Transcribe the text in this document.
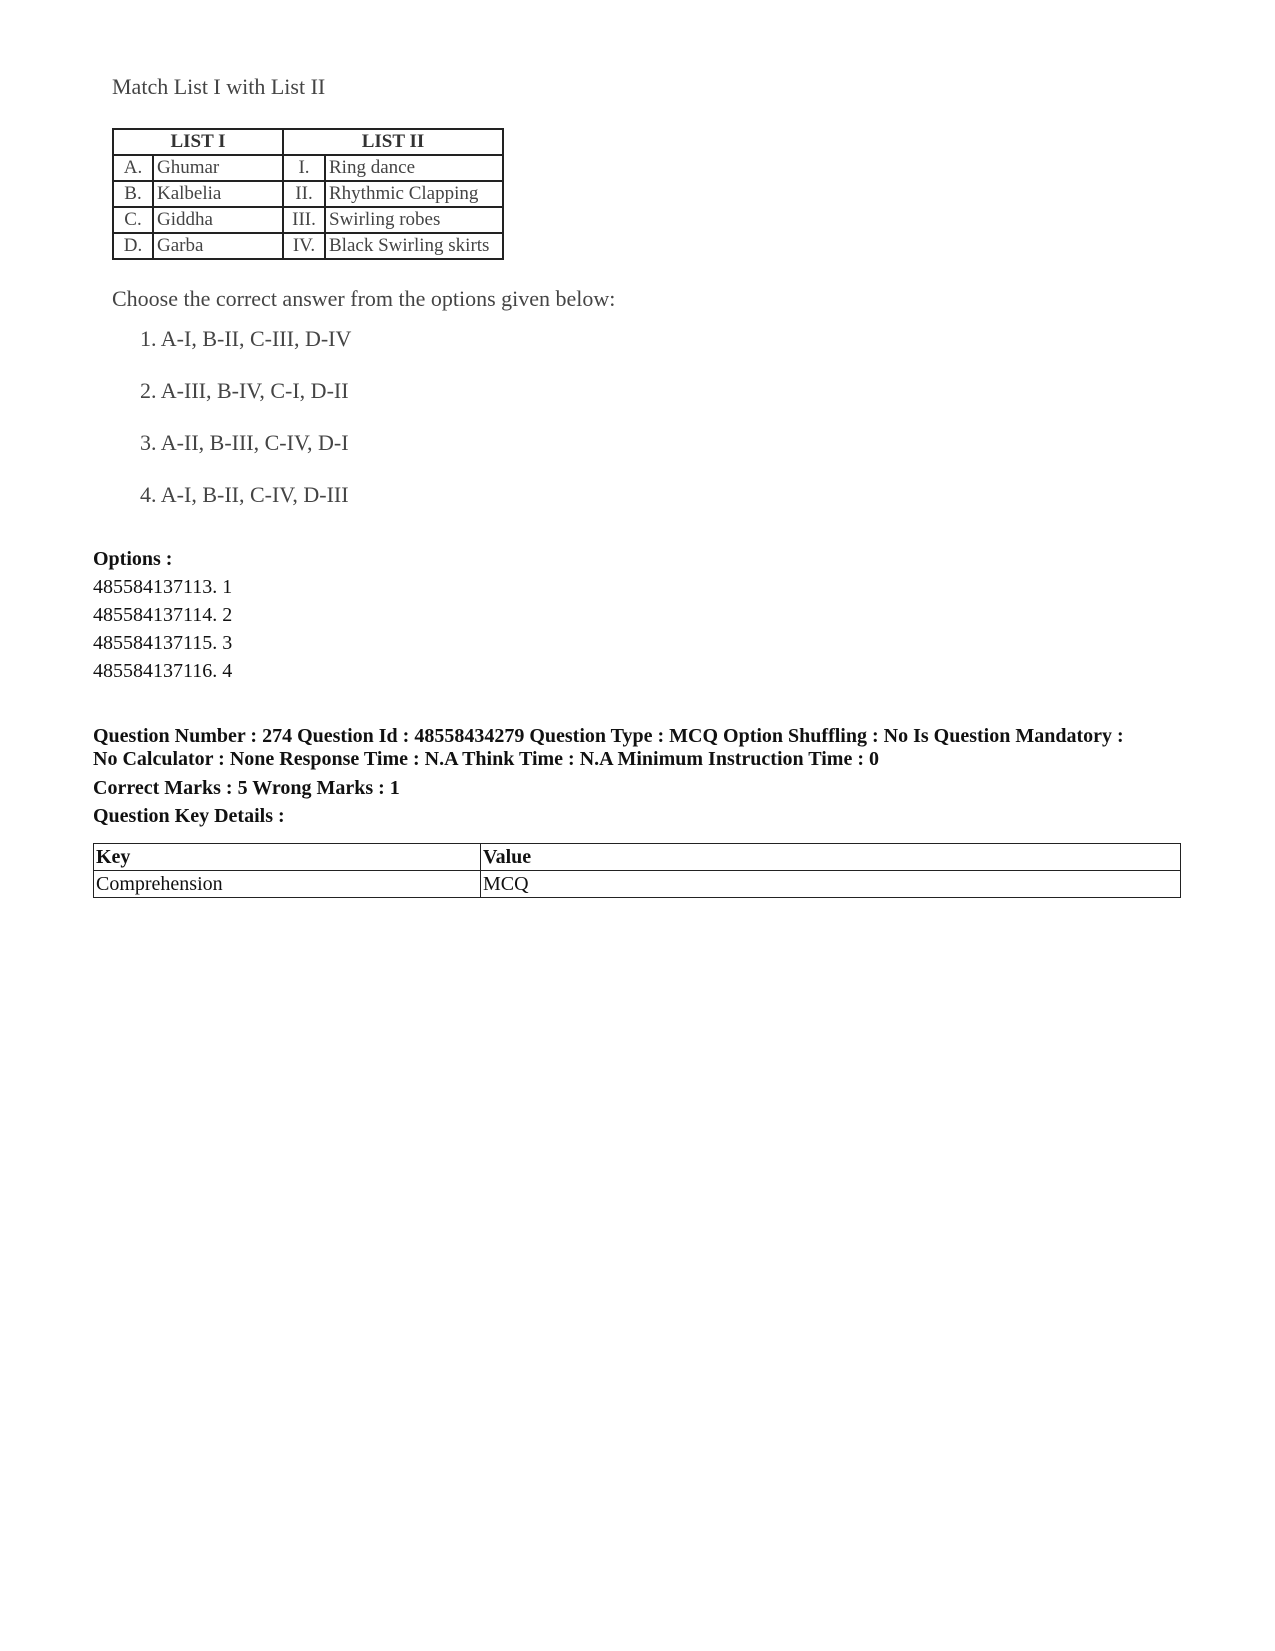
Match List I with List II
LIST I		LIST II	
A.	Ghumar	I.	Ring dance
B.	Kalbelia	II.	Rhythmic Clapping
C.	Giddha	III.	Swirling robes
D.	Garba	IV.	Black Swirling skirts
Choose the correct answer from the options given below:
1. A-I, B-II, C-III, D-IV
2. A-III, B-IV, C-I, D-II
3. A-II, B-III, C-IV, D-I
4. A-I, B-II, C-IV, D-III
Options :
485584137113. 1
485584137114. 2
485584137115. 3
485584137116. 4
Question Number : 274 Question Id : 48558434279 Question Type : MCQ Option Shuffling : No Is Question Mandatory :
No Calculator : None Response Time : N.A Think Time : N.A Minimum Instruction Time : 0
Correct Marks : 5 Wrong Marks : 1
Question Key Details :
Key	Value
Comprehension	MCQ
